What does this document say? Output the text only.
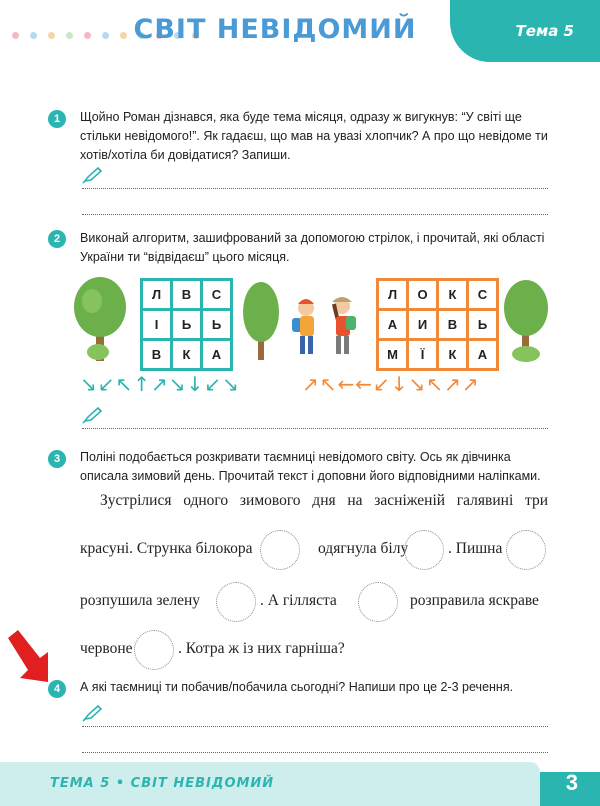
СВІТ НЕВІДОМИЙ	Тема 5
1	Щойно Роман дізнався, яка буде тема місяця, одразу ж вигукнув: “У світі ще стільки невідомого!”. Як гадаєш, що мав на увазі хлопчик? А про що невідоме ти хотів/хотіла би довідатися? Запиши.
2	Виконай алгоритм, зашифрований за допомогою стрілок, і прочитай, які області України ти “відвідаєш” цього місяця.
Л	В	С
І	Ь	Ь
В	К	А
Л	О	К	С
А	И	В	Ь
М	Ї	К	А
↘↙↖↑↗↘↓↙↘	↗↖←←↙↓↘↖↗↗
3	Поліні подобається розкривати таємниці невідомого світу. Ось як дівчинка описала зимовий день. Прочитай текст і доповни його відповідними наліпками.
Зустрілися одного зимового дня на засніженій галявині три
красуні. Струнка білокора	одягнула білу	. Пишна
розпушила зелену	. А гілляста	розправила яскраве
червоне	. Котра ж із них гарніша?
4	А які таємниці ти побачив/побачила сьогодні? Напиши про це 2-3 речення.
ТЕМА 5 • СВІТ НЕВІДОМИЙ	3
